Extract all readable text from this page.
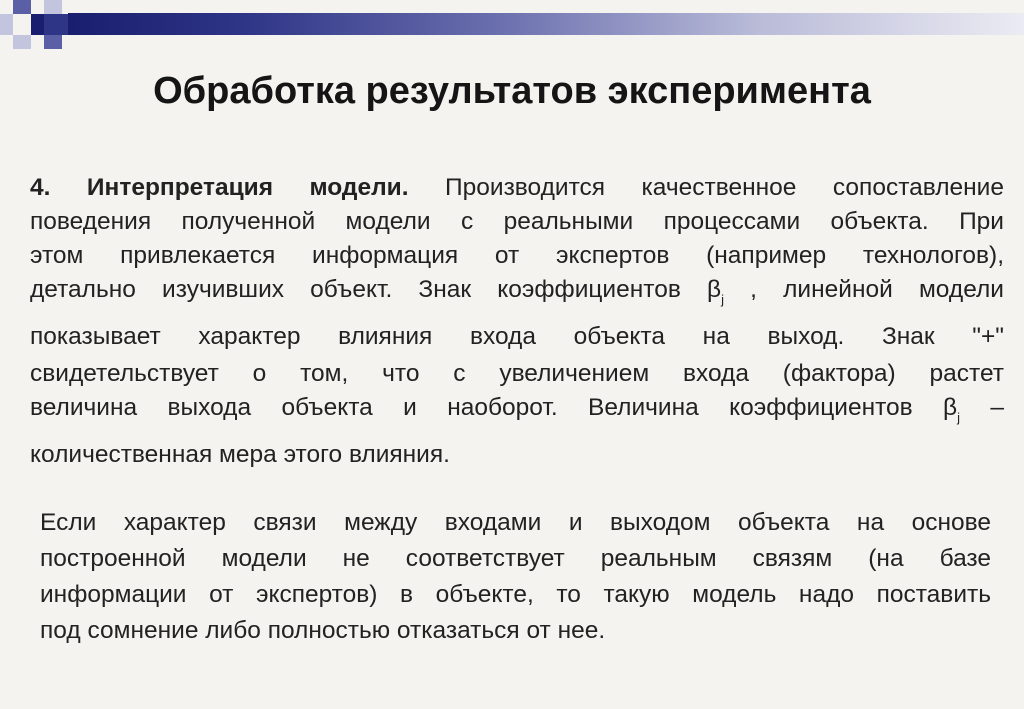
Обработка результатов эксперимента
4. Интерпретация модели. Производится качественное сопоставление
поведения полученной модели с реальными процессами объекта. При
этом привлекается информация от экспертов (например технологов),
детально изучивших объект. Знак коэффициентов $\beta_j$ , линейной модели
показывает характер влияния входа объекта на выход. Знак "+"
свидетельствует о том, что с увеличением входа (фактора) растет
величина выхода объекта и наоборот. Величина коэффициентов $\beta_j$ –
количественная мера этого влияния.
Если характер связи между входами и выходом объекта на основе
построенной модели не соответствует реальным связям (на базе
информации от экспертов) в объекте, то такую модель надо поставить
под сомнение либо полностью отказаться от нее.
